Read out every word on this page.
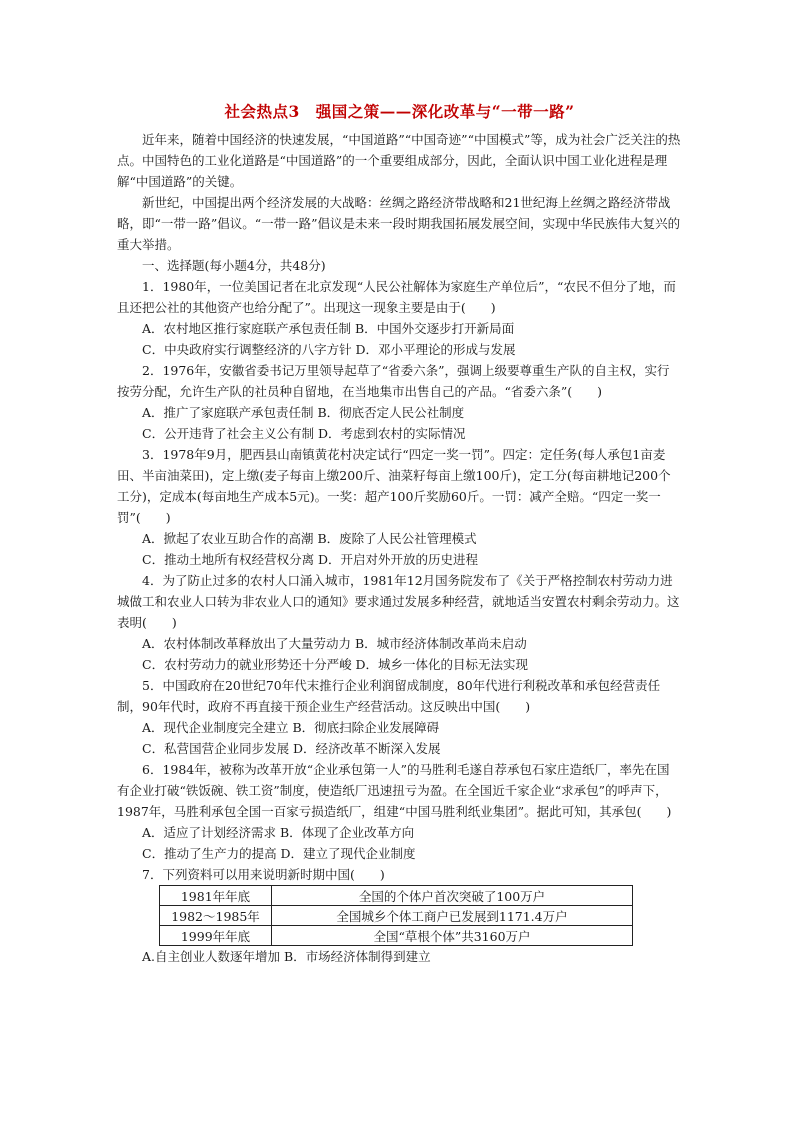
社会热点3　强国之策——深化改革与“一带一路”

近年来，随着中国经济的快速发展，“中国道路”“中国奇迹”“中国模式”等，成为社会广泛关注的热点。中国特色的工业化道路是“中国道路”的一个重要组成部分，因此，全面认识中国工业化进程是理解“中国道路”的关键。

新世纪，中国提出两个经济发展的大战略：丝绸之路经济带战略和21世纪海上丝绸之路经济带战略，即“一带一路”倡议。“一带一路”倡议是未来一段时期我国拓展发展空间，实现中华民族伟大复兴的重大举措。

一、选择题(每小题4分，共48分)

1．1980年，一位美国记者在北京发现“人民公社解体为家庭生产单位后”，“农民不但分了地，而且还把公社的其他资产也给分配了”。出现这一现象主要是由于(　　)

A．农村地区推行家庭联产承包责任制 B．中国外交逐步打开新局面

C．中央政府实行调整经济的八字方针 D．邓小平理论的形成与发展

2．1976年，安徽省委书记万里领导起草了“省委六条”，强调上级要尊重生产队的自主权，实行按劳分配，允许生产队的社员种自留地，在当地集市出售自己的产品。“省委六条”(　　)

A．推广了家庭联产承包责任制 B．彻底否定人民公社制度

C．公开违背了社会主义公有制 D．考虑到农村的实际情况

3．1978年9月，肥西县山南镇黄花村决定试行“四定一奖一罚”。四定：定任务(每人承包1亩麦田、半亩油菜田)，定上缴(麦子每亩上缴200斤、油菜籽每亩上缴100斤)，定工分(每亩耕地记200个工分)，定成本(每亩地生产成本5元)。一奖：超产100斤奖励60斤。一罚：减产全赔。“四定一奖一罚”(　　)

A．掀起了农业互助合作的高潮 B．废除了人民公社管理模式

C．推动土地所有权经营权分离 D．开启对外开放的历史进程

4．为了防止过多的农村人口涌入城市，1981年12月国务院发布了《关于严格控制农村劳动力进城做工和农业人口转为非农业人口的通知》要求通过发展多种经营，就地适当安置农村剩余劳动力。这表明(　　)

A．农村体制改革释放出了大量劳动力 B．城市经济体制改革尚未启动

C．农村劳动力的就业形势还十分严峻 D．城乡一体化的目标无法实现

5．中国政府在20世纪70年代末推行企业利润留成制度，80年代进行利税改革和承包经营责任制，90年代时，政府不再直接干预企业生产经营活动。这反映出中国(　　)

A．现代企业制度完全建立 B．彻底扫除企业发展障碍

C．私营国营企业同步发展 D．经济改革不断深入发展

6．1984年，被称为改革开放“企业承包第一人”的马胜利毛遂自荐承包石家庄造纸厂，率先在国有企业打破“铁饭碗、铁工资”制度，使造纸厂迅速扭亏为盈。在全国近千家企业“求承包”的呼声下，1987年，马胜利承包全国一百家亏损造纸厂，组建“中国马胜利纸业集团”。据此可知，其承包(　　)

A．适应了计划经济需求 B．体现了企业改革方向

C．推动了生产力的提高 D．建立了现代企业制度

7．下列资料可以用来说明新时期中国(　　)

1981年年底	全国的个体户首次突破了100万户
1982～1985年	全国城乡个体工商户已发展到1171.4万户
1999年年底	全国“草根个体”共3160万户

A.自主创业人数逐年增加 B．市场经济体制得到建立
